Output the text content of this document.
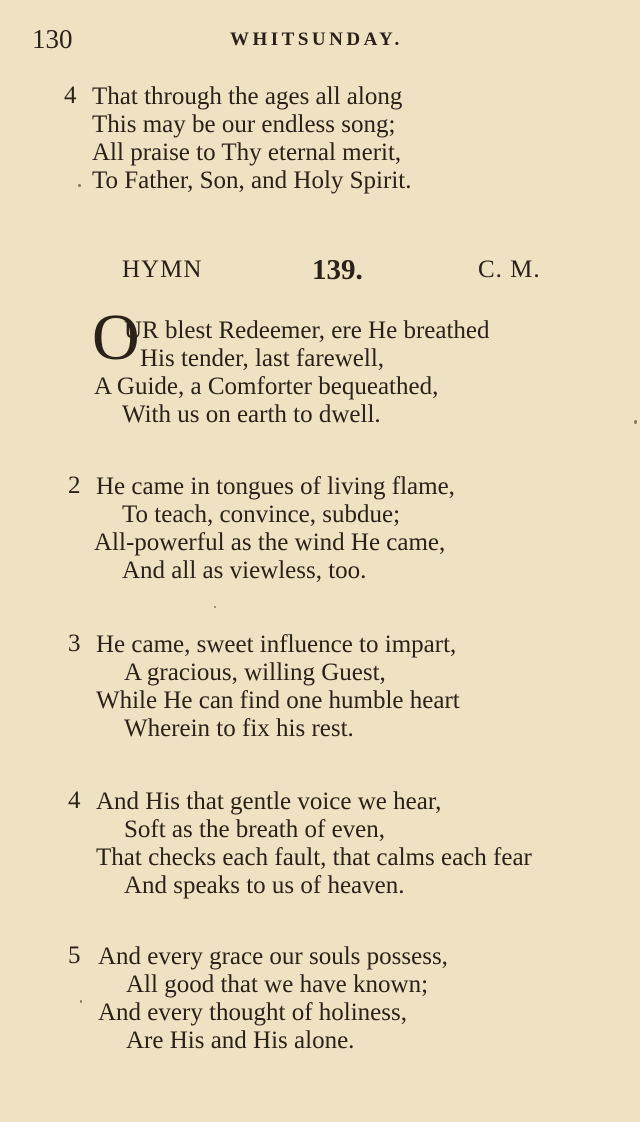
130	WHITSUNDAY.
4 That through the ages all along
This may be our endless song;
All praise to Thy eternal merit,
To Father, Son, and Holy Spirit.
HYMN	139.	C. M.
O
UR blest Redeemer, ere He breathed
His tender, last farewell,
A Guide, a Comforter bequeathed,
With us on earth to dwell.
2 He came in tongues of living flame,
To teach, convince, subdue;
All-powerful as the wind He came,
And all as viewless, too.
3 He came, sweet influence to impart,
A gracious, willing Guest,
While He can find one humble heart
Wherein to fix his rest.
4 And His that gentle voice we hear,
Soft as the breath of even,
That checks each fault, that calms each fear
And speaks to us of heaven.
5 And every grace our souls possess,
All good that we have known;
And every thought of holiness,
Are His and His alone.
